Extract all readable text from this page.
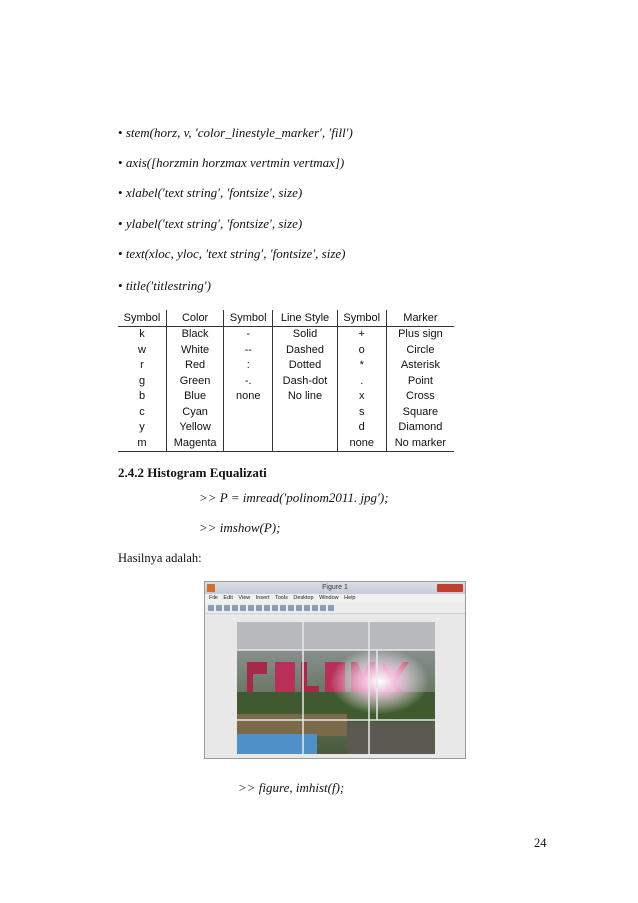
• stem(horz, v, ′color_linestyle_marker′, ′fill′)
• axis([horzmin horzmax vertmin vertmax])
• xlabel(′text string′, ′fontsize′, size)
• ylabel(′text string′, ′fontsize′, size)
• text(xloc, yloc, ′text string′, ′fontsize′, size)
• title(′titlestring′)
Symbol	Color	Symbol	Line Style	Symbol	Marker
k	Black	-	Solid	+	Plus sign
w	White	--	Dashed	o	Circle
r	Red	:	Dotted	*	Asterisk
g	Green	-.	Dash-dot	.	Point
b	Blue	none	No line	x	Cross
c	Cyan			s	Square
y	Yellow			d	Diamond
m	Magenta			none	No marker
2.4.2 Histogram Equalizati
>> P = imread(′polinom2011. jpg′);
>> imshow(P);
Hasilnya adalah:
Figure 1
File Edit View Insert Tools Desktop Window Help
>> figure, imhist(f);
24
